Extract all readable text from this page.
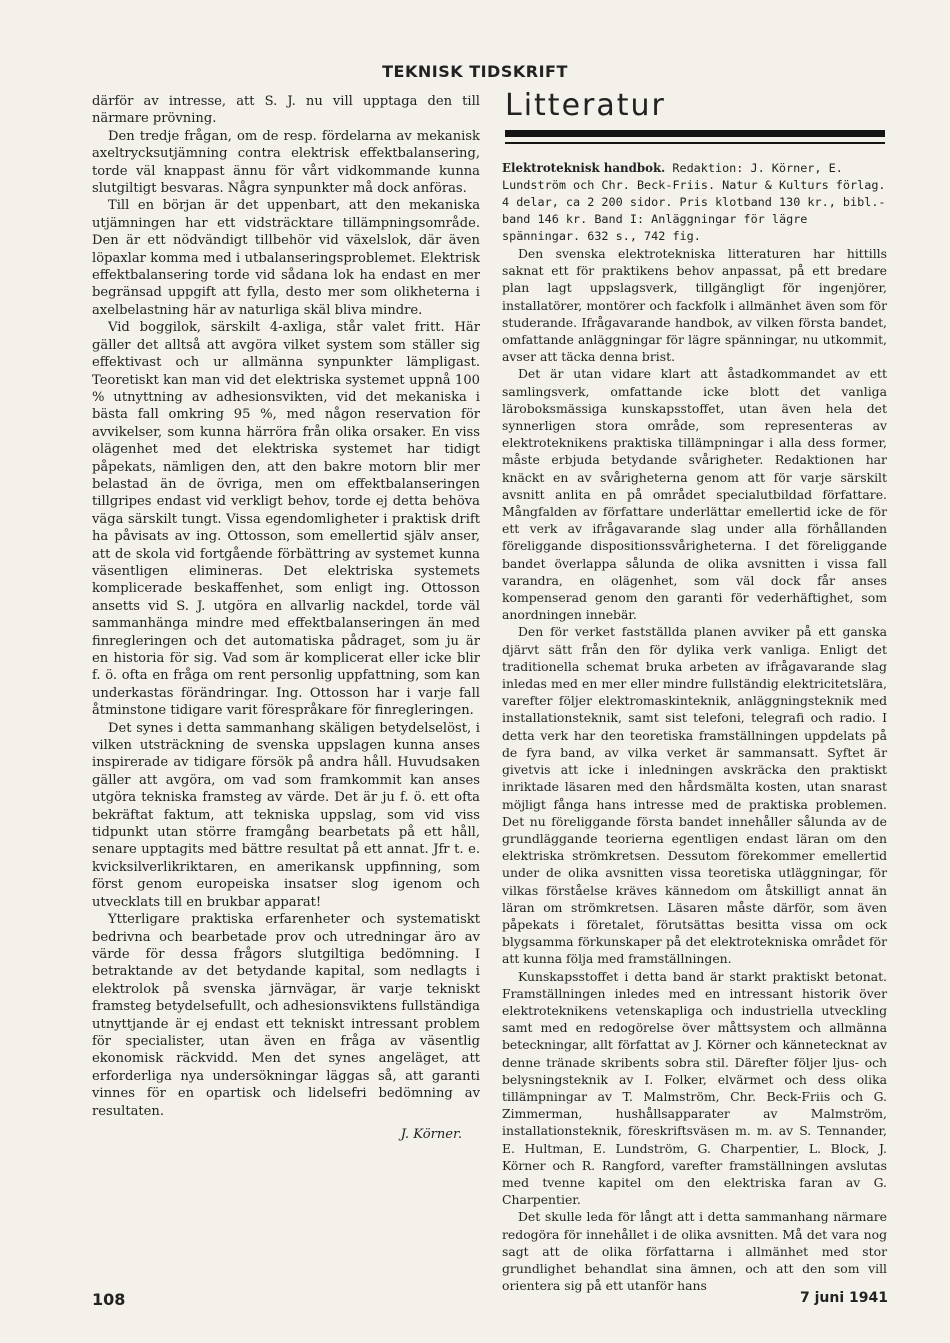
TEKNISK TIDSKRIFT

därför av intresse, att S. J. nu vill upptaga den till närmare prövning.

Den tredje frågan, om de resp. fördelarna av mekanisk axeltrycksutjämning contra elektrisk effektbalansering, torde väl knappast ännu för vårt vidkommande kunna slutgiltigt besvaras. Några synpunkter må dock anföras.

Till en början är det uppenbart, att den mekaniska utjämningen har ett vidsträcktare tillämpningsområde. Den är ett nödvändigt tillbehör vid växelslok, där även löpaxlar komma med i utbalanseringsproblemet. Elektrisk effektbalansering torde vid sådana lok ha endast en mer begränsad uppgift att fylla, desto mer som olikheterna i axelbelastning här av naturliga skäl bliva mindre.

Vid boggilok, särskilt 4-axliga, står valet fritt. Här gäller det alltså att avgöra vilket system som ställer sig effektivast och ur allmänna synpunkter lämpligast. Teoretiskt kan man vid det elektriska systemet uppnå 100 % utnyttning av adhesionsvikten, vid det mekaniska i bästa fall omkring 95 %, med någon reservation för avvikelser, som kunna härröra från olika orsaker. En viss olägenhet med det elektriska systemet har tidigt påpekats, nämligen den, att den bakre motorn blir mer belastad än de övriga, men om effektbalanseringen tillgripes endast vid verkligt behov, torde ej detta behöva väga särskilt tungt. Vissa egendomligheter i praktisk drift ha påvisats av ing. Ottosson, som emellertid själv anser, att de skola vid fortgående förbättring av systemet kunna väsentligen elimineras. Det elektriska systemets komplicerade beskaffenhet, som enligt ing. Ottosson ansetts vid S. J. utgöra en allvarlig nackdel, torde väl sammanhänga mindre med effektbalanseringen än med finregleringen och det automatiska pådraget, som ju är en historia för sig. Vad som är komplicerat eller icke blir f. ö. ofta en fråga om rent personlig uppfattning, som kan underkastas förändringar. Ing. Ottosson har i varje fall åtminstone tidigare varit förespråkare för finregleringen.

Det synes i detta sammanhang skäligen betydelselöst, i vilken utsträckning de svenska uppslagen kunna anses inspirerade av tidigare försök på andra håll. Huvudsaken gäller att avgöra, om vad som framkommit kan anses utgöra tekniska framsteg av värde. Det är ju f. ö. ett ofta bekräftat faktum, att tekniska uppslag, som vid viss tidpunkt utan större framgång bearbetats på ett håll, senare upptagits med bättre resultat på ett annat. Jfr t. e. kvicksilverlikriktaren, en amerikansk uppfinning, som först genom europeiska insatser slog igenom och utvecklats till en brukbar apparat!

Ytterligare praktiska erfarenheter och systematiskt bedrivna och bearbetade prov och utredningar äro av värde för dessa frågors slutgiltiga bedömning. I betraktande av det betydande kapital, som nedlagts i elektrolok på svenska järnvägar, är varje tekniskt framsteg betydelsefullt, och adhesionsviktens fullständiga utnyttjande är ej endast ett tekniskt intressant problem för specialister, utan även en fråga av väsentlig ekonomisk räckvidd. Men det synes angeläget, att erforderliga nya undersökningar läggas så, att garanti vinnes för en opartisk och lidelsefri bedömning av resultaten.

J. Körner.
Litteratur

Elektroteknisk handbok. Redaktion: J. Körner, E. Lundström och Chr. Beck-Friis. Natur & Kulturs förlag. 4 delar, ca 2 200 sidor. Pris klotband 130 kr., bibl.-band 146 kr. Band I: Anläggningar för lägre spänningar. 632 s., 742 fig.

Den svenska elektrotekniska litteraturen har hittills saknat ett för praktikens behov anpassat, på ett bredare plan lagt uppslagsverk, tillgängligt för ingenjörer, installatörer, montörer och fackfolk i allmänhet även som för studerande. Ifrågavarande handbok, av vilken första bandet, omfattande anläggningar för lägre spänningar, nu utkommit, avser att täcka denna brist.

Det är utan vidare klart att åstadkommandet av ett samlingsverk, omfattande icke blott det vanliga läroboksmässiga kunskapsstoffet, utan även hela det synnerligen stora område, som representeras av elektroteknikens praktiska tillämpningar i alla dess former, måste erbjuda betydande svårigheter. Redaktionen har knäckt en av svårigheterna genom att för varje särskilt avsnitt anlita en på området specialutbildad författare. Mångfalden av författare underlättar emellertid icke de för ett verk av ifrågavarande slag under alla förhållanden föreliggande dispositionssvårigheterna. I det föreliggande bandet överlappa sålunda de olika avsnitten i vissa fall varandra, en olägenhet, som väl dock får anses kompenserad genom den garanti för vederhäftighet, som anordningen innebär.

Den för verket fastställda planen avviker på ett ganska djärvt sätt från den för dylika verk vanliga. Enligt det traditionella schemat bruka arbeten av ifrågavarande slag inledas med en mer eller mindre fullständig elektricitetslära, varefter följer elektromaskinteknik, anläggningsteknik med installationsteknik, samt sist telefoni, telegrafi och radio. I detta verk har den teoretiska framställningen uppdelats på de fyra band, av vilka verket är sammansatt. Syftet är givetvis att icke i inledningen avskräcka den praktiskt inriktade läsaren med den hårdsmälta kosten, utan snarast möjligt fånga hans intresse med de praktiska problemen. Det nu föreliggande första bandet innehåller sålunda av de grundläggande teorierna egentligen endast läran om den elektriska strömkretsen. Dessutom förekommer emellertid under de olika avsnitten vissa teoretiska utläggningar, för vilkas förståelse kräves kännedom om åtskilligt annat än läran om strömkretsen. Läsaren måste därför, som även påpekats i företalet, förutsättas besitta vissa om ock blygsamma förkunskaper på det elektrotekniska området för att kunna följa med framställningen.

Kunskapsstoffet i detta band är starkt praktiskt betonat. Framställningen inledes med en intressant historik över elektroteknikens vetenskapliga och industriella utveckling samt med en redogörelse över måttsystem och allmänna beteckningar, allt författat av J. Körner och kännetecknat av denne tränade skribents sobra stil. Därefter följer ljus- och belysningsteknik av I. Folker, elvärmet och dess olika tillämpningar av T. Malmström, Chr. Beck-Friis och G. Zimmerman, hushållsapparater av Malmström, installationsteknik, föreskriftsväsen m. m. av S. Tennander, E. Hultman, E. Lundström, G. Charpentier, L. Block, J. Körner och R. Rangford, varefter framställningen avslutas med tvenne kapitel om den elektriska faran av G. Charpentier.

Det skulle leda för långt att i detta sammanhang närmare redogöra för innehållet i de olika avsnitten. Må det vara nog sagt att de olika författarna i allmänhet med stor grundlighet behandlat sina ämnen, och att den som vill orientera sig på ett utanför hans

108	7 juni 1941
